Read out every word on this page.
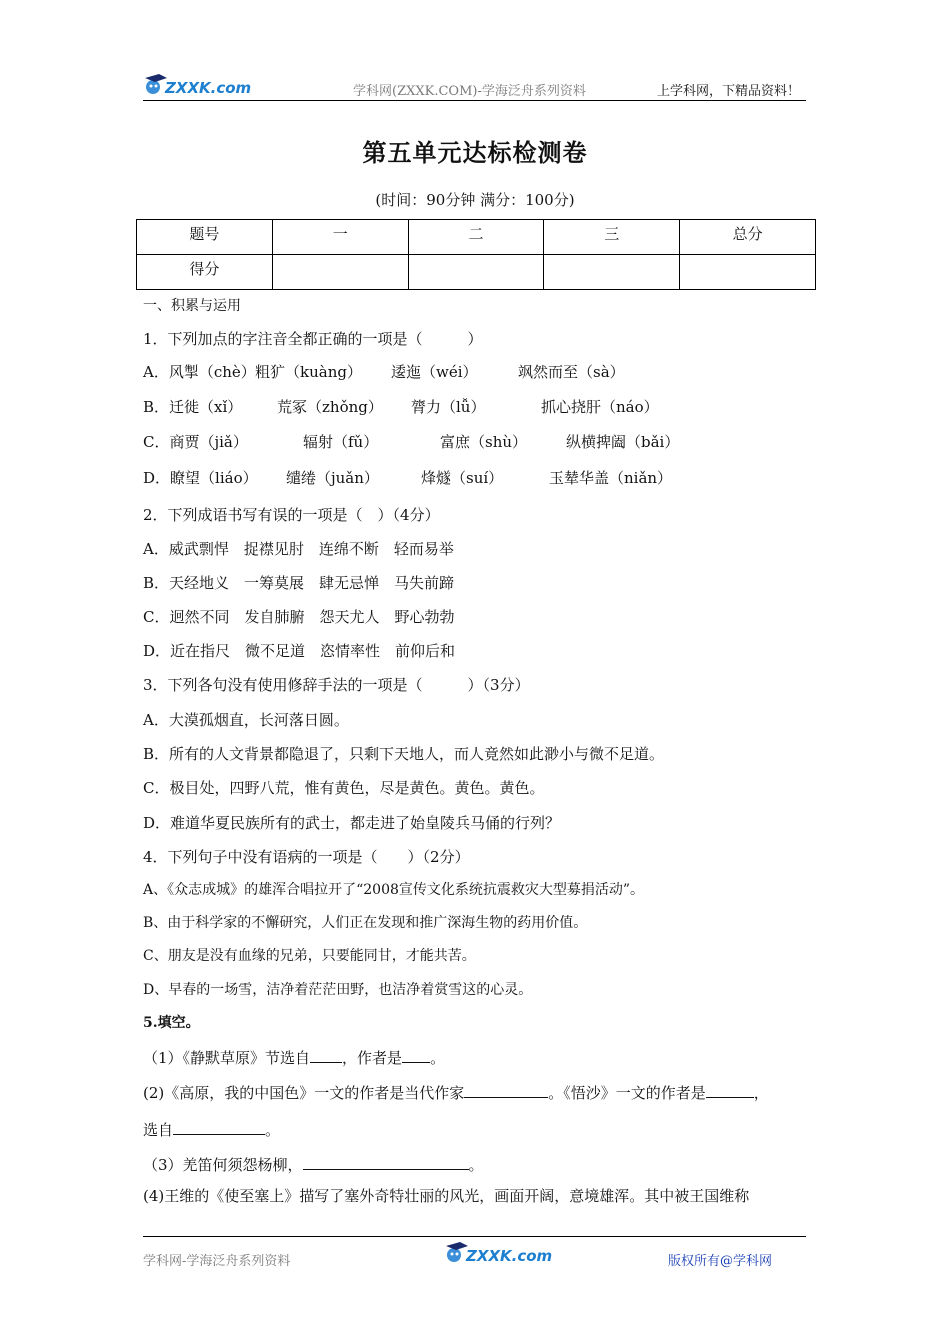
ZXXK.com	学科网(ZXXK.COM)-学海泛舟系列资料	上学科网，下精品资料！
第五单元达标检测卷
(时间：90分钟 满分：100分)
题号	一	二	三	总分
得分				
一、积累与运用
1．下列加点的字注音全都正确的一项是（　　　）
A．风掣（chè）粗犷（kuàng） 逶迤（wéi）	飒然而至（sà）
B．迁徙（xǐ） 荒冢（zhǒng） 膂力（lǚ）	抓心挠肝（náo）
C．商贾（jiǎ）	辐射（fǔ）	富庶（shù）	纵横捭阖（bǎi）
D．瞭望（liáo） 缱绻（juǎn）	烽燧（suí）	玉辇华盖（niǎn）
2．下列成语书写有误的一项是（　）（4分）
A．威武剽悍　捉襟见肘　连绵不断　轻而易举
B．天经地义　一筹莫展　肆无忌惮　马失前蹄
C．迥然不同　发自肺腑　怨天尤人　野心勃勃
D．近在指尺　微不足道　恣情率性　前仰后和
3．下列各句没有使用修辞手法的一项是（　　　）（3分）
A．大漠孤烟直，长河落日圆。
B．所有的人文背景都隐退了，只剩下天地人，而人竟然如此渺小与微不足道。
C．极目处，四野八荒，惟有黄色，尽是黄色。黄色。黄色。
D．难道华夏民族所有的武士，都走进了始皇陵兵马俑的行列？
4．下列句子中没有语病的一项是（　　）（2分）
A、《众志成城》的雄浑合唱拉开了“2008宣传文化系统抗震救灾大型募捐活动”。
B、由于科学家的不懈研究，人们正在发现和推广深海生物的药用价值。
C、朋友是没有血缘的兄弟，只要能同甘，才能共苦。
D、早春的一场雪，洁净着茫茫田野，也洁净着赏雪这的心灵。
5.填空。
（1）《静默草原》节选自 ，作者是 。
(2)《高原，我的中国色》一文的作者是当代作家	。《悟沙》一文的作者是	，
选自	。
（3）羌笛何须怨杨柳，	。
(4)王维的《使至塞上》描写了塞外奇特壮丽的风光，画面开阔，意境雄浑。其中被王国维称
学科网-学海泛舟系列资料	ZXXK.com	版权所有@学科网
